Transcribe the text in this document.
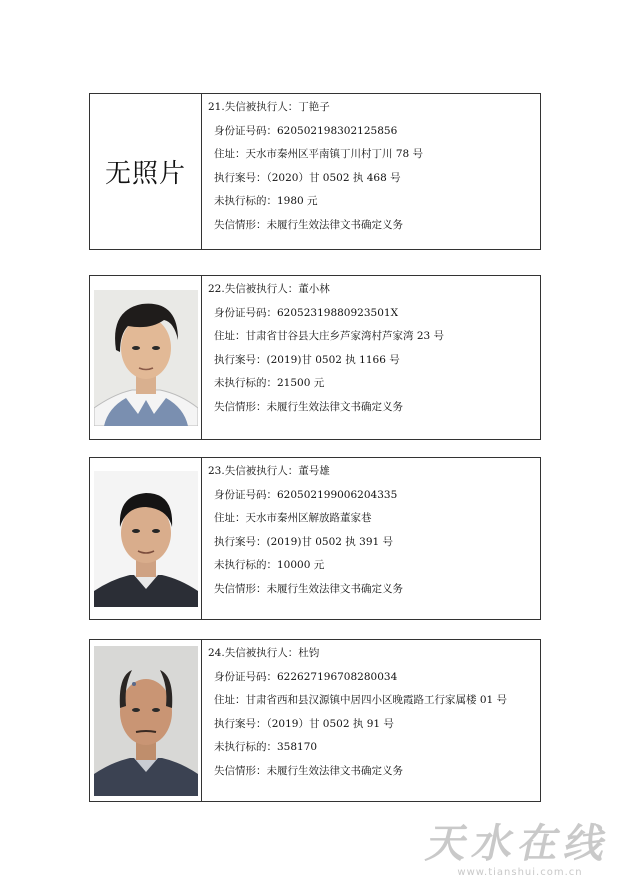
无照片
21.失信被执行人：丁艳子
身份证号码：620502198302125856
住址：天水市秦州区平南镇丁川村丁川 78 号
执行案号：（2020）甘 0502 执 468 号
未执行标的：1980 元
失信情形：未履行生效法律文书确定义务
22.失信被执行人：董小林
身份证号码：62052319880923501X
住址：甘肃省甘谷县大庄乡芦家湾村芦家湾 23 号
执行案号：(2019)甘 0502 执 1166 号
未执行标的：21500 元
失信情形：未履行生效法律文书确定义务
23.失信被执行人：董号雄
身份证号码：620502199006204335
住址：天水市秦州区解放路董家巷
执行案号：(2019)甘 0502 执 391 号
未执行标的：10000 元
失信情形：未履行生效法律文书确定义务
24.失信被执行人：杜钧
身份证号码：622627196708280034
住址：甘肃省西和县汉源镇中居四小区晚霞路工行家属楼 01 号
执行案号：（2019）甘 0502 执 91 号
未执行标的：358170
失信情形：未履行生效法律文书确定义务
天水在线
www.tianshui.com.cn
